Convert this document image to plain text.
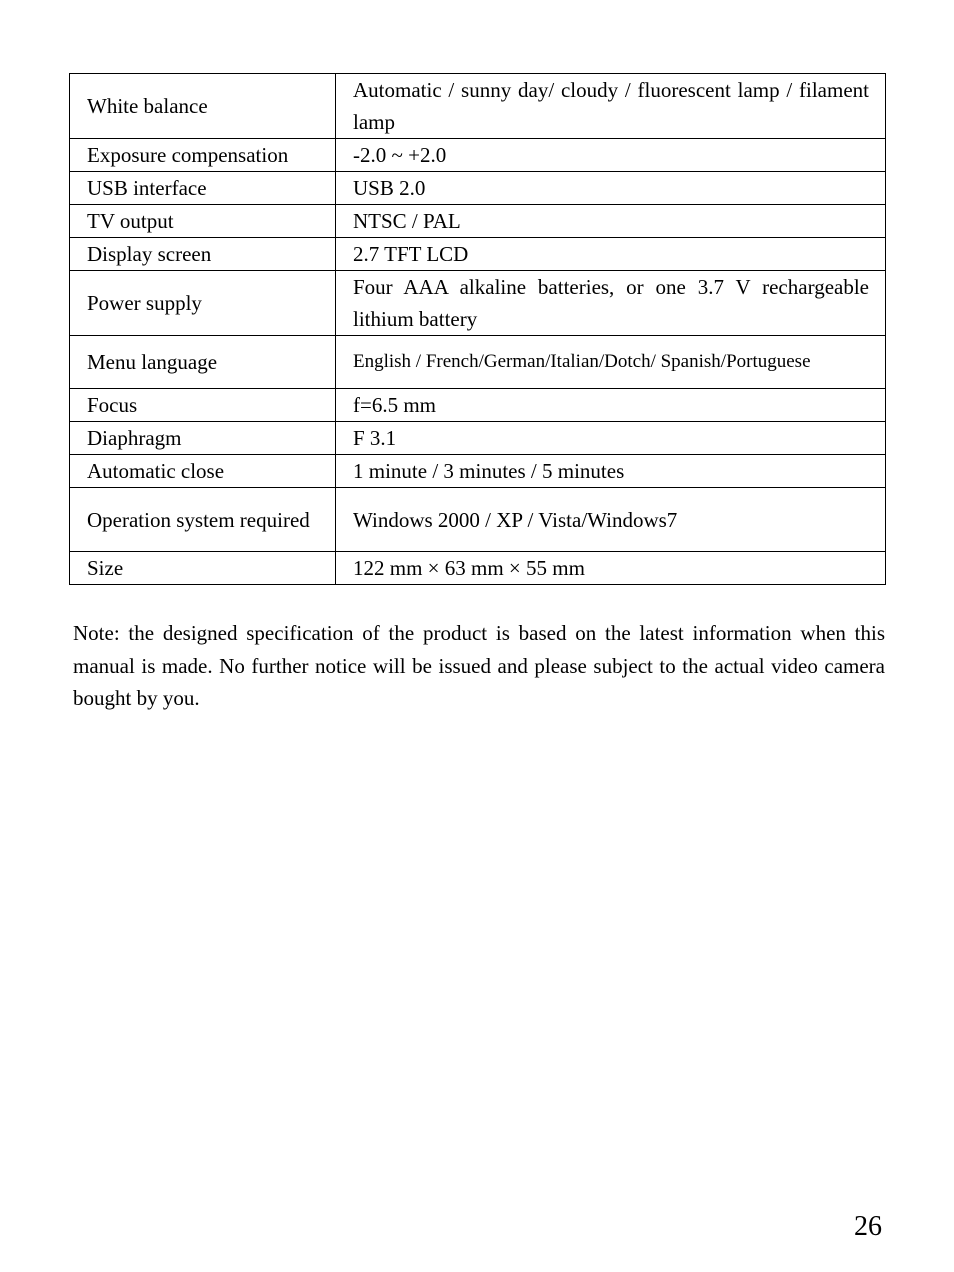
White balance	Automatic / sunny day/ cloudy / fluorescent lamp / filament lamp
Exposure compensation	-2.0 ~ +2.0
USB interface	USB 2.0
TV output	NTSC / PAL
Display screen	2.7 TFT LCD
Power supply	Four AAA alkaline batteries, or one 3.7 V rechargeable lithium battery
Menu language	English / French/German/Italian/Dotch/ Spanish/Portuguese
Focus	f=6.5 mm
Diaphragm	F 3.1
Automatic close	1 minute / 3 minutes / 5 minutes
Operation system required	Windows 2000 / XP / Vista/Windows7
Size	122 mm × 63 mm × 55 mm

Note: the designed specification of the product is based on the latest information when this manual is made. No further notice will be issued and please subject to the actual video camera bought by you.

26
